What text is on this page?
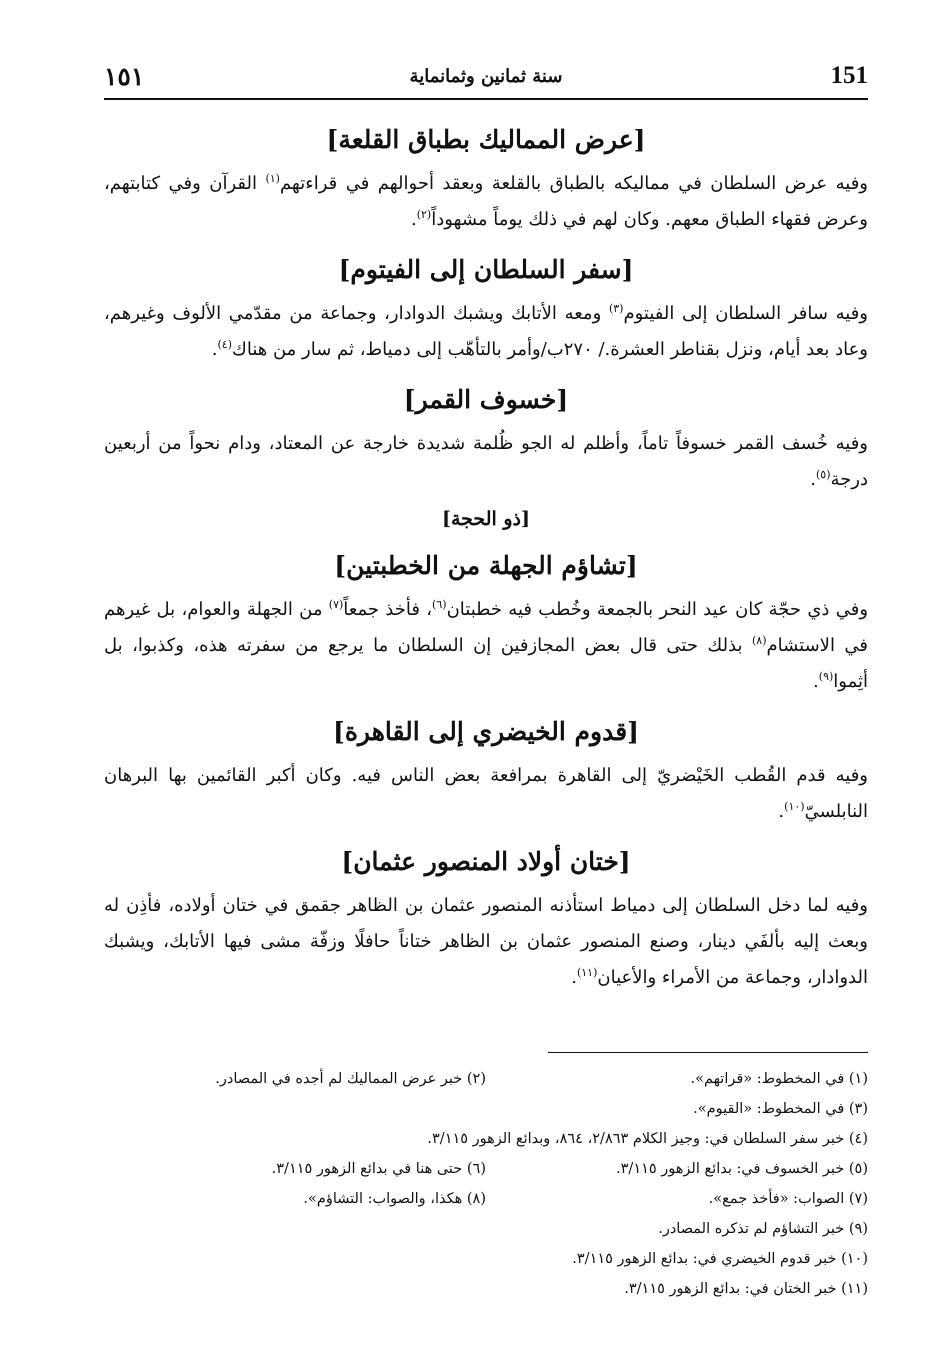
151
سنة ثمانين وثمانماية
١٥١
[عرض المماليك بطباق القلعة]

وفيه عرض السلطان في مماليكه بالطباق بالقلعة وبعقد أحوالهم في قراءتهم$^{(١)}$ القرآن وفي كتابتهم، وعرض فقهاء الطباق معهم. وكان لهم في ذلك يوماً مشهوداً$^{(٢)}$.

[سفر السلطان إلى الفيتوم]

وفيه سافر السلطان إلى الفيتوم$^{(٣)}$ ومعه الأتابك ويشبك الدوادار، وجماعة من مقدّمي الألوف وغيرهم، وعاد بعد أيام، ونزل بقناطر العشرة./ ٢٧٠ب/وأمر بالتأهّب إلى دمياط، ثم سار من هناك$^{(٤)}$.

[خسوف القمر]

وفيه خُسف القمر خسوفاً تاماً، وأظلم له الجو ظُلمة شديدة خارجة عن المعتاد، ودام نحواً من أربعين درجة$^{(٥)}$.

[ذو الحجة]
[تشاؤم الجهلة من الخطبتين]

وفي ذي حجّة كان عيد النحر بالجمعة وخُطب فيه خطبتان$^{(٦)}$، فأخذ جمعاً$^{(٧)}$ من الجهلة والعوام، بل غيرهم في الاستشام$^{(٨)}$ بذلك حتى قال بعض المجازفين إن السلطان ما يرجع من سفرته هذه، وكذبوا، بل أثِموا$^{(٩)}$.

[قدوم الخيضري إلى القاهرة]

وفيه قدم القُطب الخَيْضريّ إلى القاهرة بمرافعة بعض الناس فيه. وكان أكبر القائمين بها البرهان النابلسيّ$^{(١٠)}$.

[ختان أولاد المنصور عثمان]

وفيه لما دخل السلطان إلى دمياط استأذنه المنصور عثمان بن الظاهر جقمق في ختان أولاده، فأذِن له وبعث إليه بألفَي دينار، وصنع المنصور عثمان بن الظاهر ختاناً حافلًا وزفّة مشى فيها الأتابك، ويشبك الدوادار، وجماعة من الأمراء والأعيان$^{(١١)}$.

(١) في المخطوط: «قراتهم».
(٢) خبر عرض المماليك لم أجده في المصادر.
(٣) في المخطوط: «القيوم».
(٤) خبر سفر السلطان في: وجيز الكلام ٢/٨٦٣، ٨٦٤، وبدائع الزهور ٣/١١٥.
(٥) خبر الخسوف في: بدائع الزهور ٣/١١٥.
(٦) حتى هنا في بدائع الزهور ٣/١١٥.
(٧) الصواب: «فأخذ جمع».
(٨) هكذا، والصواب: التشاؤم».
(٩) خبر التشاؤم لم تذكره المصادر.
(١٠) خبر قدوم الخيضري في: بدائع الزهور ٣/١١٥.
(١١) خبر الختان في: بدائع الزهور ٣/١١٥.
